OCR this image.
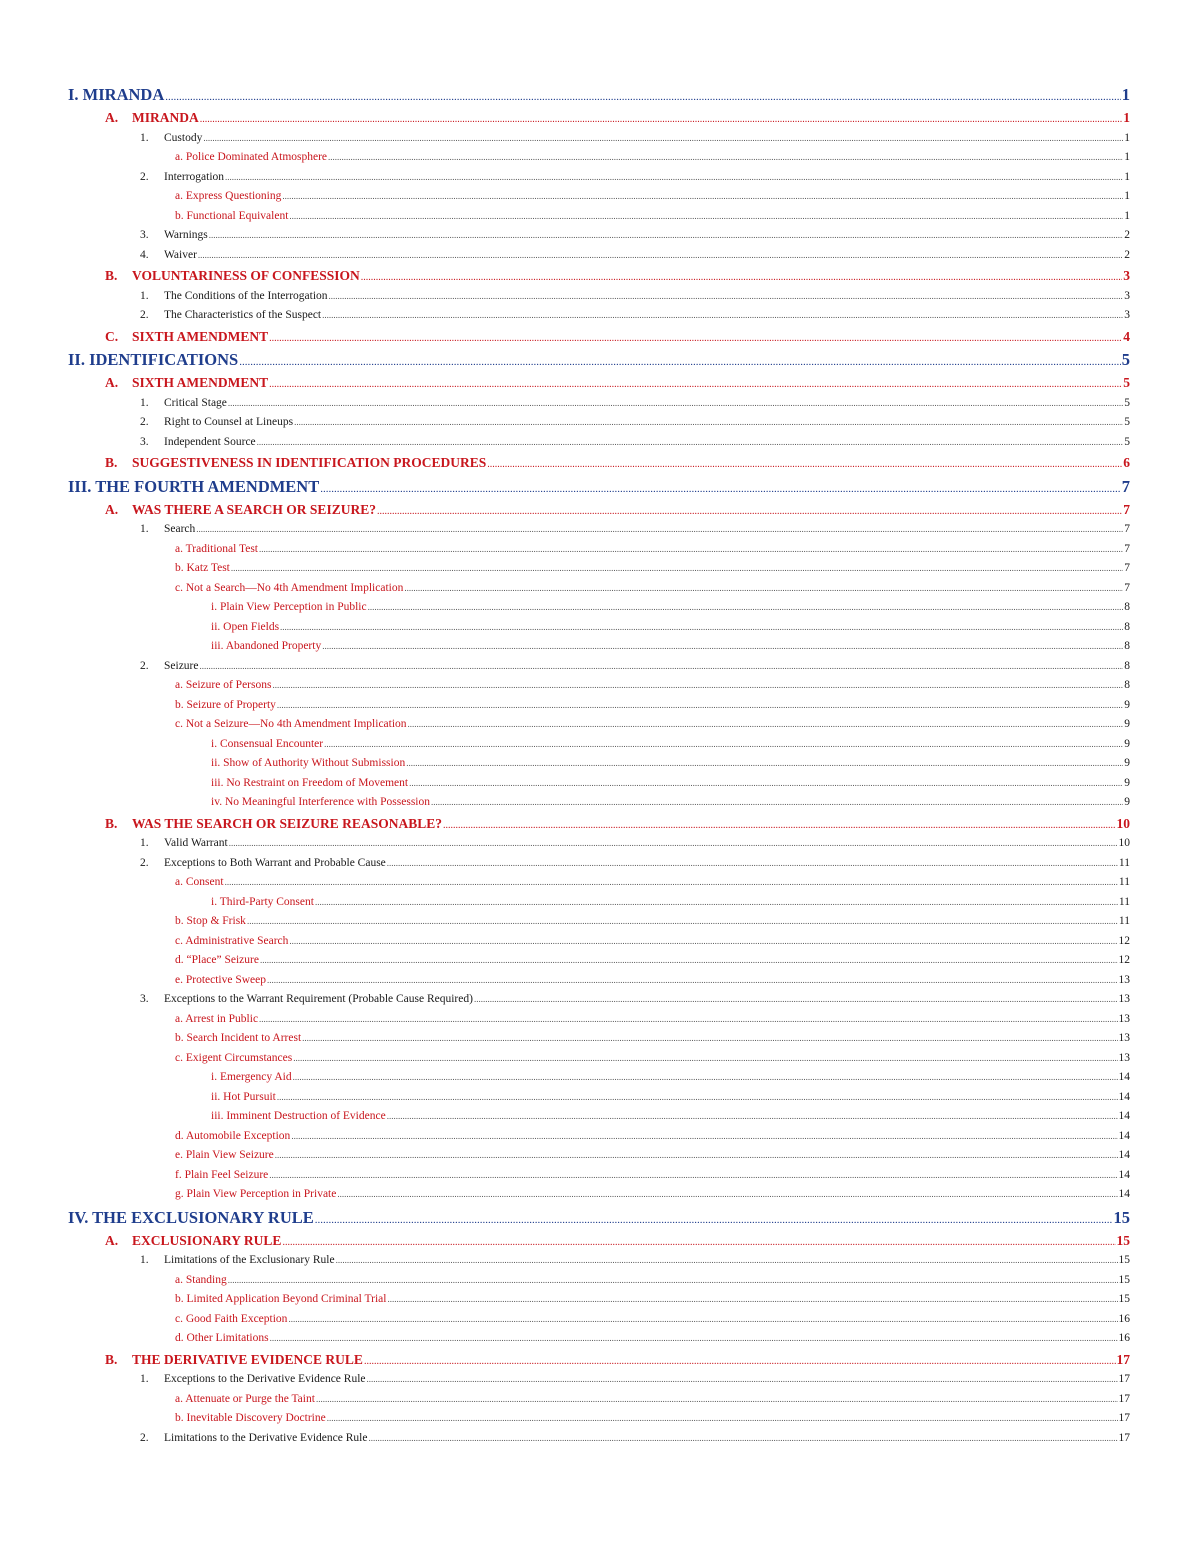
I. MIRANDA .....	1
A. MIRANDA .....	1
1. Custody .....	1
a. Police Dominated Atmosphere .....	1
2. Interrogation .....	1
a. Express Questioning .....	1
b. Functional Equivalent .....	1
3. Warnings .....	2
4. Waiver .....	2
B. VOLUNTARINESS OF CONFESSION .....	3
1. The Conditions of the Interrogation .....	3
2. The Characteristics of the Suspect .....	3
C. SIXTH AMENDMENT .....	4
II. IDENTIFICATIONS .....	5
A. SIXTH AMENDMENT .....	5
1. Critical Stage .....	5
2. Right to Counsel at Lineups .....	5
3. Independent Source .....	5
B. SUGGESTIVENESS IN IDENTIFICATION PROCEDURES .....	6
III. THE FOURTH AMENDMENT .....	7
A. WAS THERE A SEARCH OR SEIZURE? .....	7
1. Search .....	7
a. Traditional Test .....	7
b. Katz Test .....	7
c. Not a Search—No 4th Amendment Implication .....	7
i. Plain View Perception in Public .....	8
ii. Open Fields .....	8
iii. Abandoned Property .....	8
2. Seizure .....	8
a. Seizure of Persons .....	8
b. Seizure of Property .....	9
c. Not a Seizure—No 4th Amendment Implication .....	9
i. Consensual Encounter .....	9
ii. Show of Authority Without Submission .....	9
iii. No Restraint on Freedom of Movement .....	9
iv. No Meaningful Interference with Possession .....	9
B. WAS THE SEARCH OR SEIZURE REASONABLE? .....	10
1. Valid Warrant .....	10
2. Exceptions to Both Warrant and Probable Cause .....	11
a. Consent .....	11
i. Third-Party Consent .....	11
b. Stop & Frisk .....	11
c. Administrative Search .....	12
d. “Place” Seizure .....	12
e. Protective Sweep .....	13
3. Exceptions to the Warrant Requirement (Probable Cause Required) .....	13
a. Arrest in Public .....	13
b. Search Incident to Arrest .....	13
c. Exigent Circumstances .....	13
i. Emergency Aid .....	14
ii. Hot Pursuit .....	14
iii. Imminent Destruction of Evidence .....	14
d. Automobile Exception .....	14
e. Plain View Seizure .....	14
f. Plain Feel Seizure .....	14
g. Plain View Perception in Private .....	14
IV. THE EXCLUSIONARY RULE .....	15
A. EXCLUSIONARY RULE .....	15
1. Limitations of the Exclusionary Rule .....	15
a. Standing .....	15
b. Limited Application Beyond Criminal Trial .....	15
c. Good Faith Exception .....	16
d. Other Limitations .....	16
B. THE DERIVATIVE EVIDENCE RULE .....	17
1. Exceptions to the Derivative Evidence Rule .....	17
a. Attenuate or Purge the Taint .....	17
b. Inevitable Discovery Doctrine .....	17
2. Limitations to the Derivative Evidence Rule .....	17
